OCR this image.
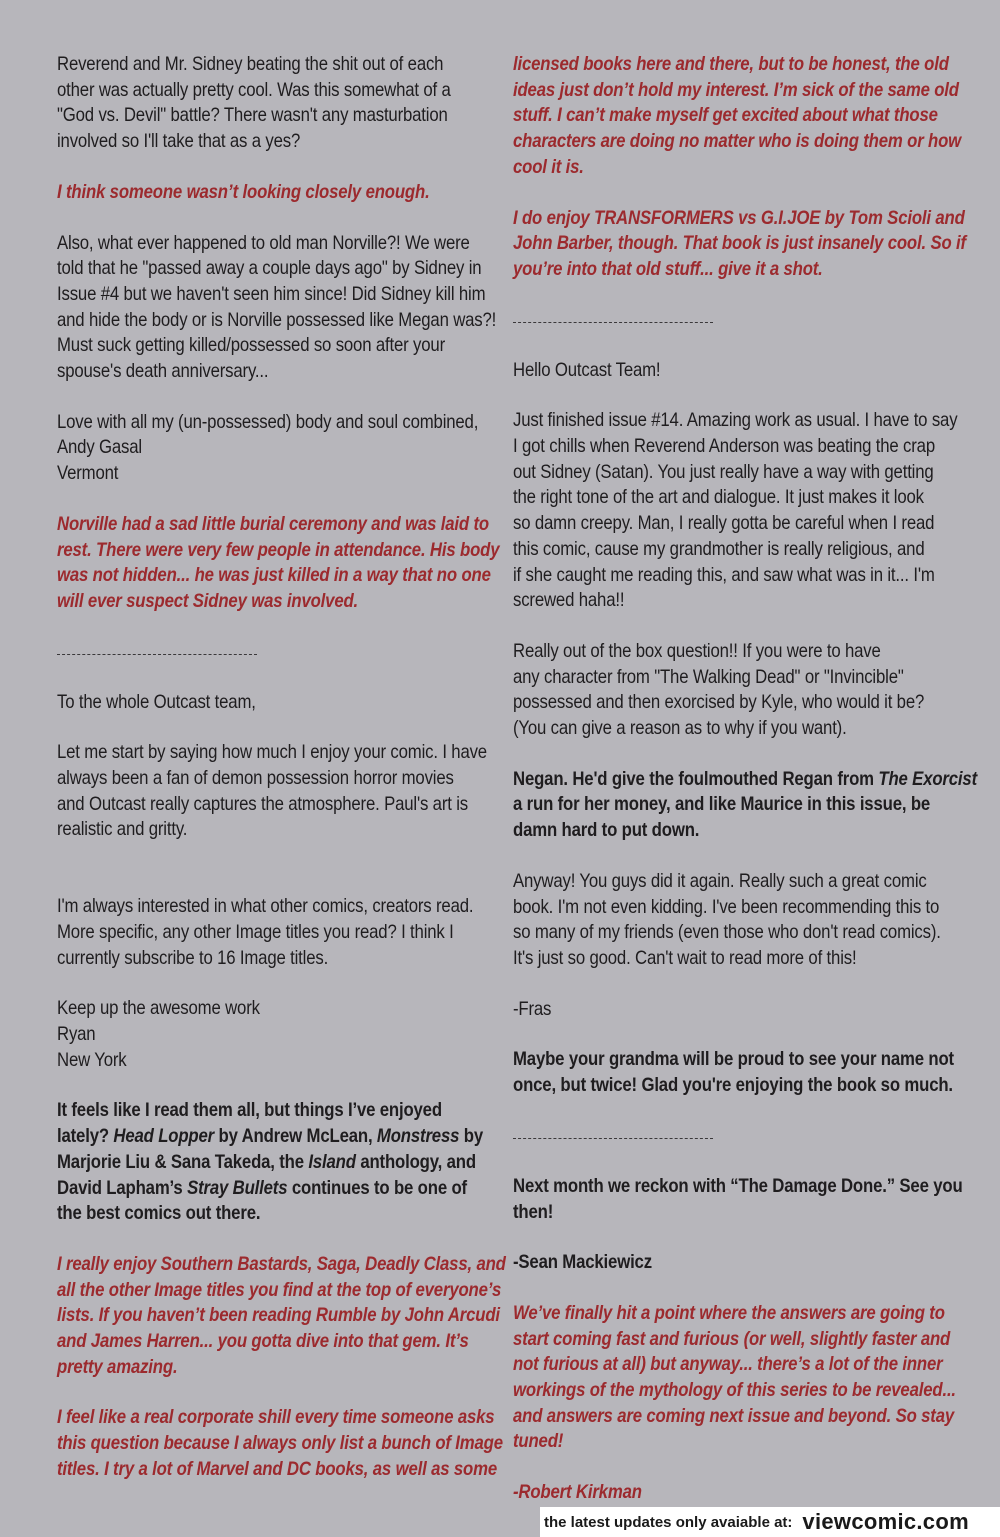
Reverend and Mr. Sidney beating the shit out of each
other was actually pretty cool. Was this somewhat of a
"God vs. Devil" battle? There wasn't any masturbation
involved so I'll take that as a yes?

I think someone wasn’t looking closely enough.

Also, what ever happened to old man Norville?! We were
told that he "passed away a couple days ago" by Sidney in
Issue #4 but we haven't seen him since! Did Sidney kill him
and hide the body or is Norville possessed like Megan was?!
Must suck getting killed/possessed so soon after your
spouse's death anniversary...

Love with all my (un-possessed) body and soul combined,
Andy Gasal
Vermont

Norville had a sad little burial ceremony and was laid to
rest. There were very few people in attendance. His body
was not hidden... he was just killed in a way that no one
will ever suspect Sidney was involved.

To the whole Outcast team,

Let me start by saying how much I enjoy your comic. I have
always been a fan of demon possession horror movies
and Outcast really captures the atmosphere. Paul's art is
realistic and gritty.

I'm always interested in what other comics, creators read.
More specific, any other Image titles you read? I think I
currently subscribe to 16 Image titles.

Keep up the awesome work
Ryan
New York

It feels like I read them all, but things I’ve enjoyed
lately? Head Lopper by Andrew McLean, Monstress by
Marjorie Liu & Sana Takeda, the Island anthology, and
David Lapham’s Stray Bullets continues to be one of
the best comics out there.

I really enjoy Southern Bastards, Saga, Deadly Class, and
all the other Image titles you find at the top of everyone’s
lists. If you haven’t been reading Rumble by John Arcudi
and James Harren... you gotta dive into that gem. It’s
pretty amazing.

I feel like a real corporate shill every time someone asks
this question because I always only list a bunch of Image
titles. I try a lot of Marvel and DC books, as well as some

licensed books here and there, but to be honest, the old
ideas just don’t hold my interest. I’m sick of the same old
stuff. I can’t make myself get excited about what those
characters are doing no matter who is doing them or how
cool it is.

I do enjoy TRANSFORMERS vs G.I.JOE by Tom Scioli and
John Barber, though. That book is just insanely cool. So if
you’re into that old stuff... give it a shot.

Hello Outcast Team!

Just finished issue #14. Amazing work as usual. I have to say
I got chills when Reverend Anderson was beating the crap
out Sidney (Satan). You just really have a way with getting
the right tone of the art and dialogue. It just makes it look
so damn creepy. Man, I really gotta be careful when I read
this comic, cause my grandmother is really religious, and
if she caught me reading this, and saw what was in it... I'm
screwed haha!!

Really out of the box question!! If you were to have
any character from "The Walking Dead" or "Invincible"
possessed and then exorcised by Kyle, who would it be?
(You can give a reason as to why if you want).

Negan. He'd give the foulmouthed Regan from The Exorcist
a run for her money, and like Maurice in this issue, be
damn hard to put down.

Anyway! You guys did it again. Really such a great comic
book. I'm not even kidding. I've been recommending this to
so many of my friends (even those who don't read comics).
It's just so good. Can't wait to read more of this!

-Fras

Maybe your grandma will be proud to see your name not
once, but twice! Glad you're enjoying the book so much.

Next month we reckon with “The Damage Done.” See you
then!

-Sean Mackiewicz

We’ve finally hit a point where the answers are going to
start coming fast and furious (or well, slightly faster and
not furious at all) but anyway... there’s a lot of the inner
workings of the mythology of this series to be revealed...
and answers are coming next issue and beyond. So stay
tuned!

-Robert Kirkman

the latest updates only avaiable at: viewcomic.com
